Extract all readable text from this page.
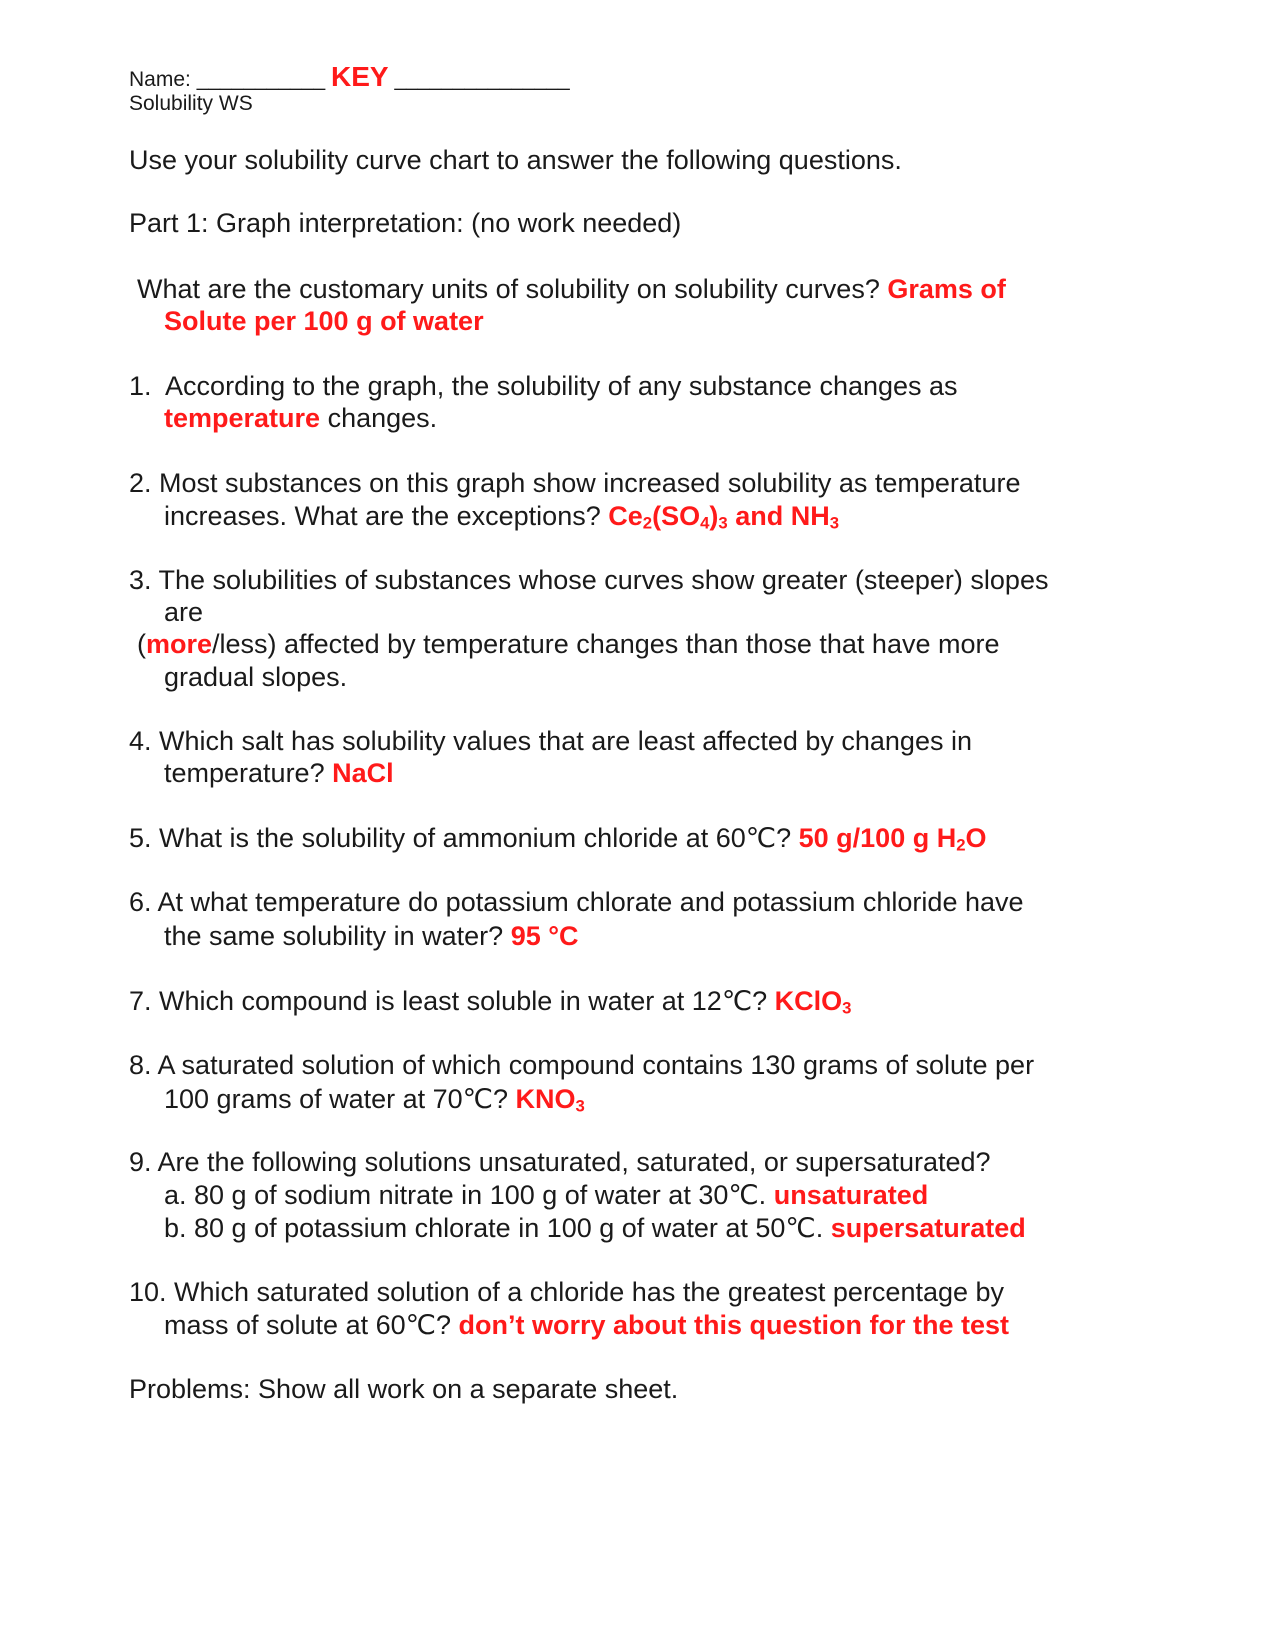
Name: ___________ KEY _______________
Solubility WS
Use your solubility curve chart to answer the following questions.
Part 1: Graph interpretation: (no work needed)
What are the customary units of solubility on solubility curves? Grams of
Solute per 100 g of water
1. According to the graph, the solubility of any substance changes as
temperature changes.
2. Most substances on this graph show increased solubility as temperature
increases. What are the exceptions? $Ce_2(SO_4)_3$ and $NH_3$
3. The solubilities of substances whose curves show greater (steeper) slopes
are
(more/less) affected by temperature changes than those that have more
gradual slopes.
4. Which salt has solubility values that are least affected by changes in
temperature? NaCl
5. What is the solubility of ammonium chloride at 60℃? 50 g/100 g $H_2O$
6. At what temperature do potassium chlorate and potassium chloride have
the same solubility in water? 95 °C
7. Which compound is least soluble in water at 12℃? KClO$_3$
8. A saturated solution of which compound contains 130 grams of solute per
100 grams of water at 70℃? $KNO_3$
9. Are the following solutions unsaturated, saturated, or supersaturated?
a. 80 g of sodium nitrate in 100 g of water at 30℃. unsaturated
b. 80 g of potassium chlorate in 100 g of water at 50℃. supersaturated
10. Which saturated solution of a chloride has the greatest percentage by
mass of solute at 60℃? don’t worry about this question for the test
Problems: Show all work on a separate sheet.
